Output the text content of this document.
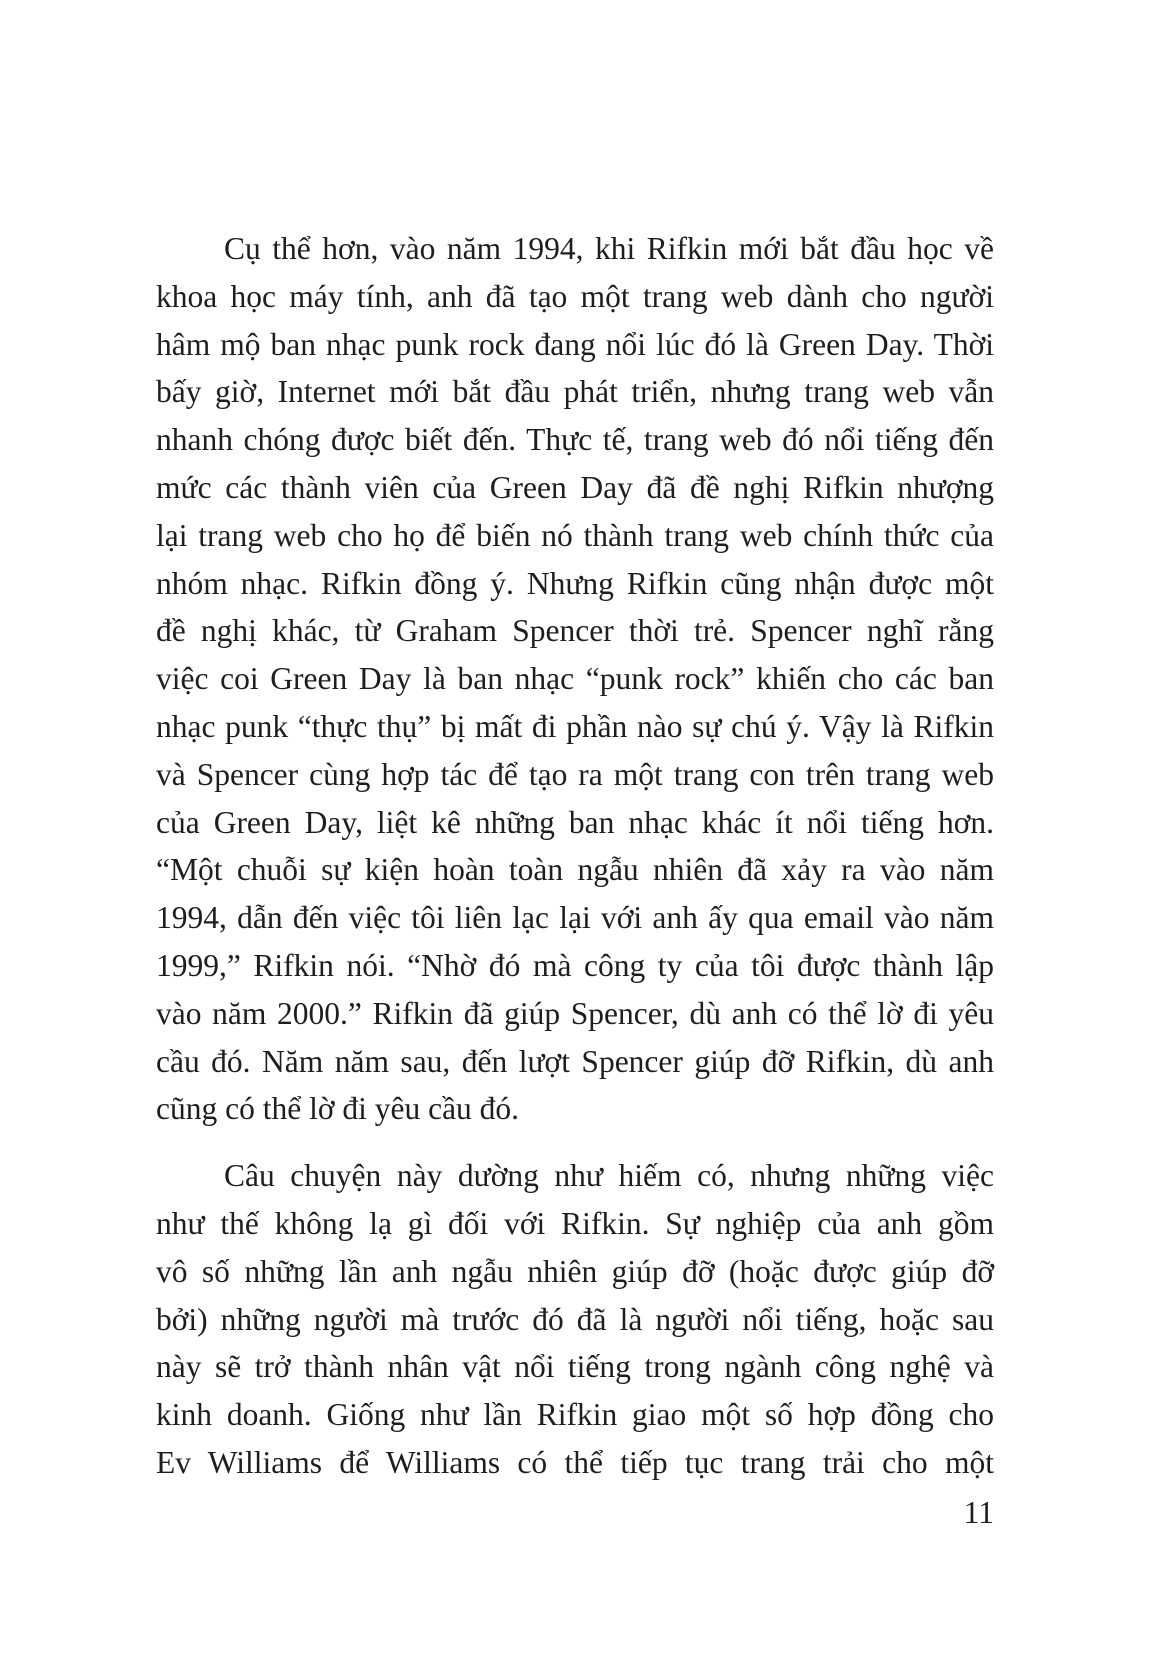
Cụ thể hơn, vào năm 1994, khi Rifkin mới bắt đầu học về
khoa học máy tính, anh đã tạo một trang web dành cho người
hâm mộ ban nhạc punk rock đang nổi lúc đó là Green Day. Thời
bấy giờ, Internet mới bắt đầu phát triển, nhưng trang web vẫn
nhanh chóng được biết đến. Thực tế, trang web đó nổi tiếng đến
mức các thành viên của Green Day đã đề nghị Rifkin nhượng
lại trang web cho họ để biến nó thành trang web chính thức của
nhóm nhạc. Rifkin đồng ý. Nhưng Rifkin cũng nhận được một
đề nghị khác, từ Graham Spencer thời trẻ. Spencer nghĩ rằng
việc coi Green Day là ban nhạc “punk rock” khiến cho các ban
nhạc punk “thực thụ” bị mất đi phần nào sự chú ý. Vậy là Rifkin
và Spencer cùng hợp tác để tạo ra một trang con trên trang web
của Green Day, liệt kê những ban nhạc khác ít nổi tiếng hơn.
“Một chuỗi sự kiện hoàn toàn ngẫu nhiên đã xảy ra vào năm
1994, dẫn đến việc tôi liên lạc lại với anh ấy qua email vào năm
1999,” Rifkin nói. “Nhờ đó mà công ty của tôi được thành lập
vào năm 2000.” Rifkin đã giúp Spencer, dù anh có thể lờ đi yêu
cầu đó. Năm năm sau, đến lượt Spencer giúp đỡ Rifkin, dù anh
cũng có thể lờ đi yêu cầu đó.
Câu chuyện này dường như hiếm có, nhưng những việc
như thế không lạ gì đối với Rifkin. Sự nghiệp của anh gồm
vô số những lần anh ngẫu nhiên giúp đỡ (hoặc được giúp đỡ
bởi) những người mà trước đó đã là người nổi tiếng, hoặc sau
này sẽ trở thành nhân vật nổi tiếng trong ngành công nghệ và
kinh doanh. Giống như lần Rifkin giao một số hợp đồng cho
Ev Williams để Williams có thể tiếp tục trang trải cho một
11
